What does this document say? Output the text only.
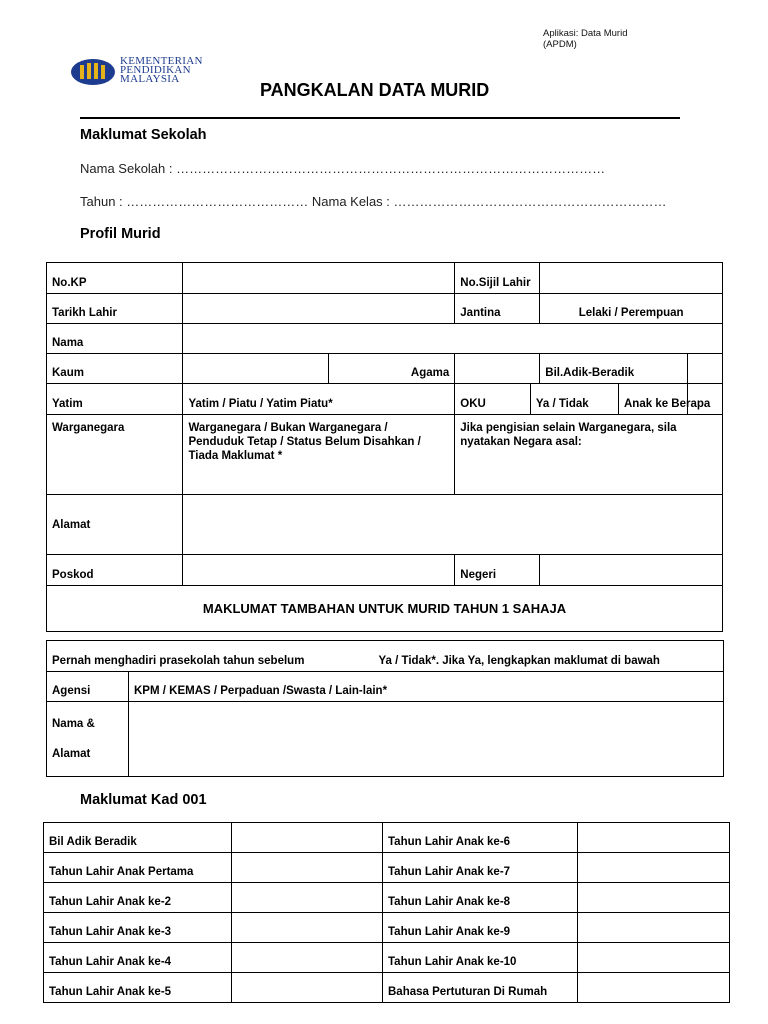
Aplikasi: Data Murid
(APDM)
KEMENTERIAN
PENDIDIKAN
MALAYSIA
PANGKALAN DATA MURID
Maklumat Sekolah
Nama Sekolah : ………………………………………………………………………………………
Tahun : …………………………………… Nama Kelas : ………………………………………………………
Profil Murid
No.KP			No.Sijil Lahir				
Tarikh Lahir			Jantina		Lelaki / Perempuan		
Nama							
Kaum		Agama			Bil.Adik-Beradik		
Yatim	Yatim / Piatu / Yatim Piatu*		OKU	Ya / Tidak		Anak ke Berapa	
Warganegara	Warganegara / Bukan Warganegara / Penduduk Tetap / Status Belum Disahkan / Tiada Maklumat *		Jika pengisian selain Warganegara, sila nyatakan Negara asal:				
Alamat							
Poskod			Negeri				
MAKLUMAT TAMBAHAN UNTUK MURID TAHUN 1 SAHAJA							
Pernah menghadiri prasekolah tahun sebelum		Ya / Tidak*. Jika Ya, lengkapkan maklumat di bawah
Agensi	KPM / KEMAS / Perpaduan /Swasta / Lain-lain*	

Nama &
Alamat		

Maklumat Kad 001
Bil Adik Beradik		Tahun Lahir Anak ke-6	
Tahun Lahir Anak Pertama		Tahun Lahir Anak ke-7	
Tahun Lahir Anak ke-2		Tahun Lahir Anak ke-8	
Tahun Lahir Anak ke-3		Tahun Lahir Anak ke-9	
Tahun Lahir Anak ke-4		Tahun Lahir Anak ke-10	
Tahun Lahir Anak ke-5		Bahasa Pertuturan Di Rumah	
